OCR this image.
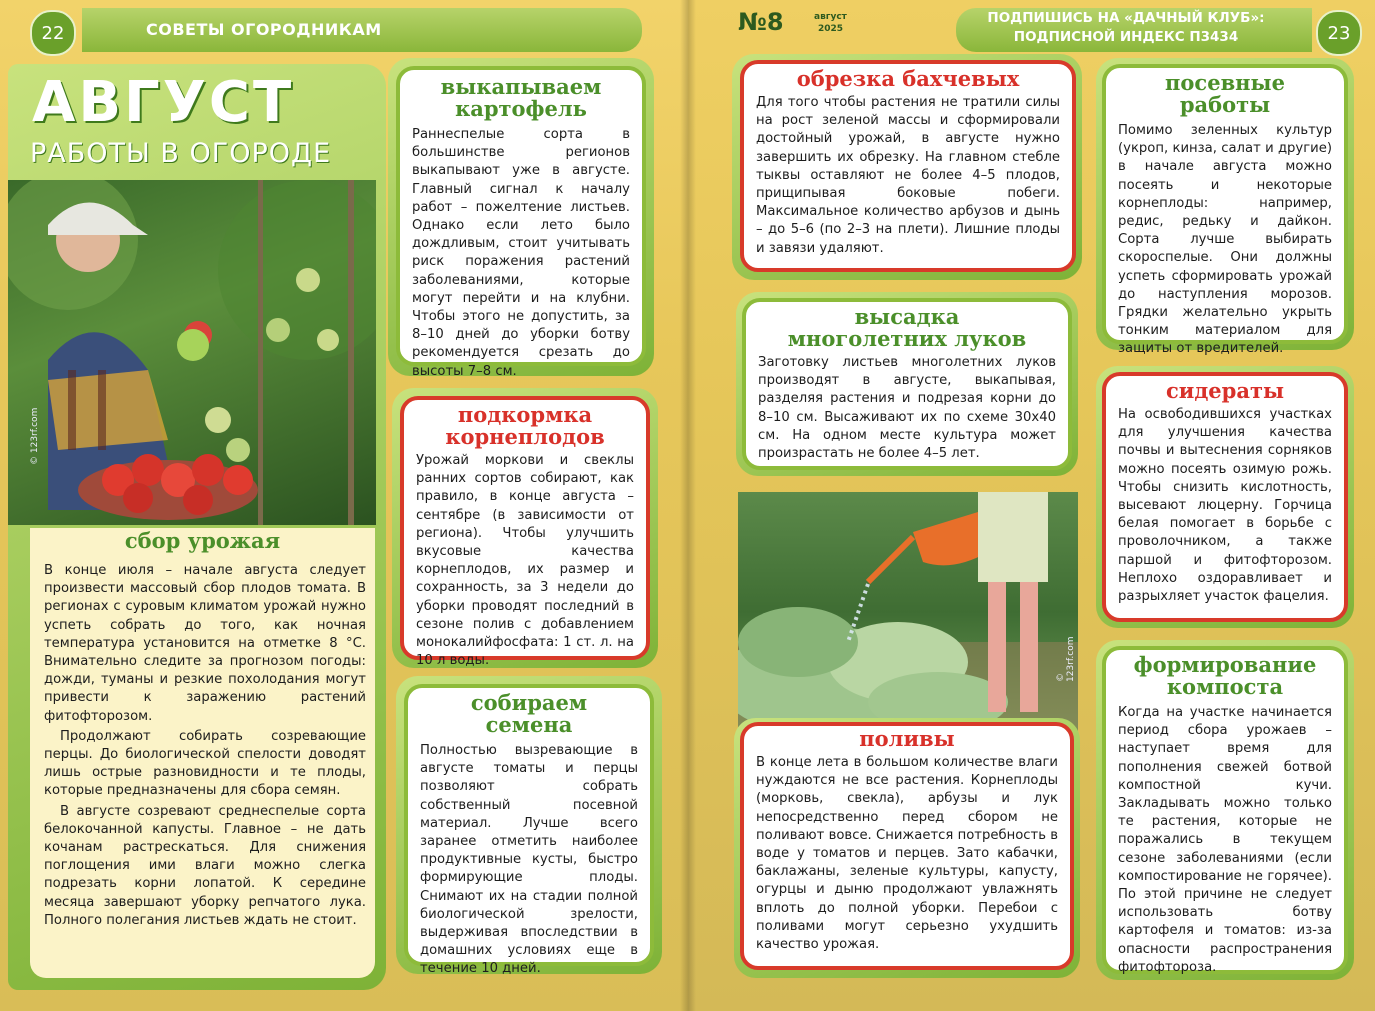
22	СОВЕТЫ ОГОРОДНИКАМ
АВГУСТ
РАБОТЫ В ОГОРОДЕ
© 123rf.com
сбор урожая
В конце июля – начале августа следует произвести массовый сбор плодов томата. В регионах с суровым климатом урожай нужно успеть собрать до того, как ночная температура установится на отметке 8 °С. Внимательно следите за прогнозом погоды: дожди, туманы и резкие похолодания могут привести к заражению растений фитофторозом.
Продолжают собирать созревающие перцы. До биологической спелости доводят лишь острые разновидности и те плоды, которые предназначены для сбора семян.
В августе созревают среднеспелые сорта белокочанной капусты. Главное – не дать кочанам растрескаться. Для снижения поглощения ими влаги можно слегка подрезать корни лопатой. К середине месяца завершают уборку репчатого лука. Полного полегания листьев ждать не стоит.
выкапываем
картофель
Раннеспелые сорта в большинстве регионов выкапывают уже в августе. Главный сигнал к началу работ – пожелтение листьев. Однако если лето было дождливым, стоит учитывать риск поражения растений заболеваниями, которые могут перейти и на клубни. Чтобы этого не допустить, за 8–10 дней до уборки ботву рекомендуется срезать до высоты 7–8 см.
подкормка
корнеплодов
Урожай моркови и свеклы ранних сортов собирают, как правило, в конце августа – сентябре (в зависимости от региона). Чтобы улучшить вкусовые качества корнеплодов, их размер и сохранность, за 3 недели до уборки проводят последний в сезоне полив с добавлением монокалийфосфата: 1 ст. л. на 10 л воды.
собираем
семена
Полностью вызревающие в августе томаты и перцы позволяют собрать собственный посевной материал. Лучше всего заранее отметить наиболее продуктивные кусты, быстро формирующие плоды. Снимают их на стадии полной биологической зрелости, выдерживая впоследствии в домашних условиях еще в течение 10 дней.
№8	август
2025
ПОДПИШИСЬ НА «ДАЧНЫЙ КЛУБ»:
ПОДПИСНОЙ ИНДЕКС П3434	23
обрезка бахчевых
Для того чтобы растения не тратили силы на рост зеленой массы и сформировали достойный урожай, в августе нужно завершить их обрезку. На главном стебле тыквы оставляют не более 4–5 плодов, прищипывая боковые побеги. Максимальное количество арбузов и дынь – до 5–6 (по 2–3 на плети). Лишние плоды и завязи удаляют.
высадка
многолетних луков
Заготовку листьев многолетних луков производят в августе, выкапывая, разделяя растения и подрезая корни до 8–10 см. Высаживают их по схеме 30х40 см. На одном месте культура может произрастать не более 4–5 лет.
© 123rf.com
поливы
В конце лета в большом количестве влаги нуждаются не все растения. Корнеплоды (морковь, свекла), арбузы и лук непосредственно перед сбором не поливают вовсе. Снижается потребность в воде у томатов и перцев. Зато кабачки, баклажаны, зеленые культуры, капусту, огурцы и дыню продолжают увлажнять вплоть до полной уборки. Перебои с поливами могут серьезно ухудшить качество урожая.
посевные
работы
Помимо зеленных культур (укроп, кинза, салат и другие) в начале августа можно посеять и некоторые корнеплоды: например, редис, редьку и дайкон. Сорта лучше выбирать скороспелые. Они должны успеть сформировать урожай до наступления морозов. Грядки желательно укрыть тонким материалом для защиты от вредителей.
сидераты
На освободившихся участках для улучшения качества почвы и вытеснения сорняков можно посеять озимую рожь. Чтобы снизить кислотность, высевают люцерну. Горчица белая помогает в борьбе с проволочником, а также паршой и фитофторозом. Неплохо оздоравливает и разрыхляет участок фацелия.
формирование
компоста
Когда на участке начинается период сбора урожаев – наступает время для пополнения свежей ботвой компостной кучи. Закладывать можно только те растения, которые не поражались в текущем сезоне заболеваниями (если компостирование не горячее). По этой причине не следует использовать ботву картофеля и томатов: из-за опасности распространения фитофтороза.
